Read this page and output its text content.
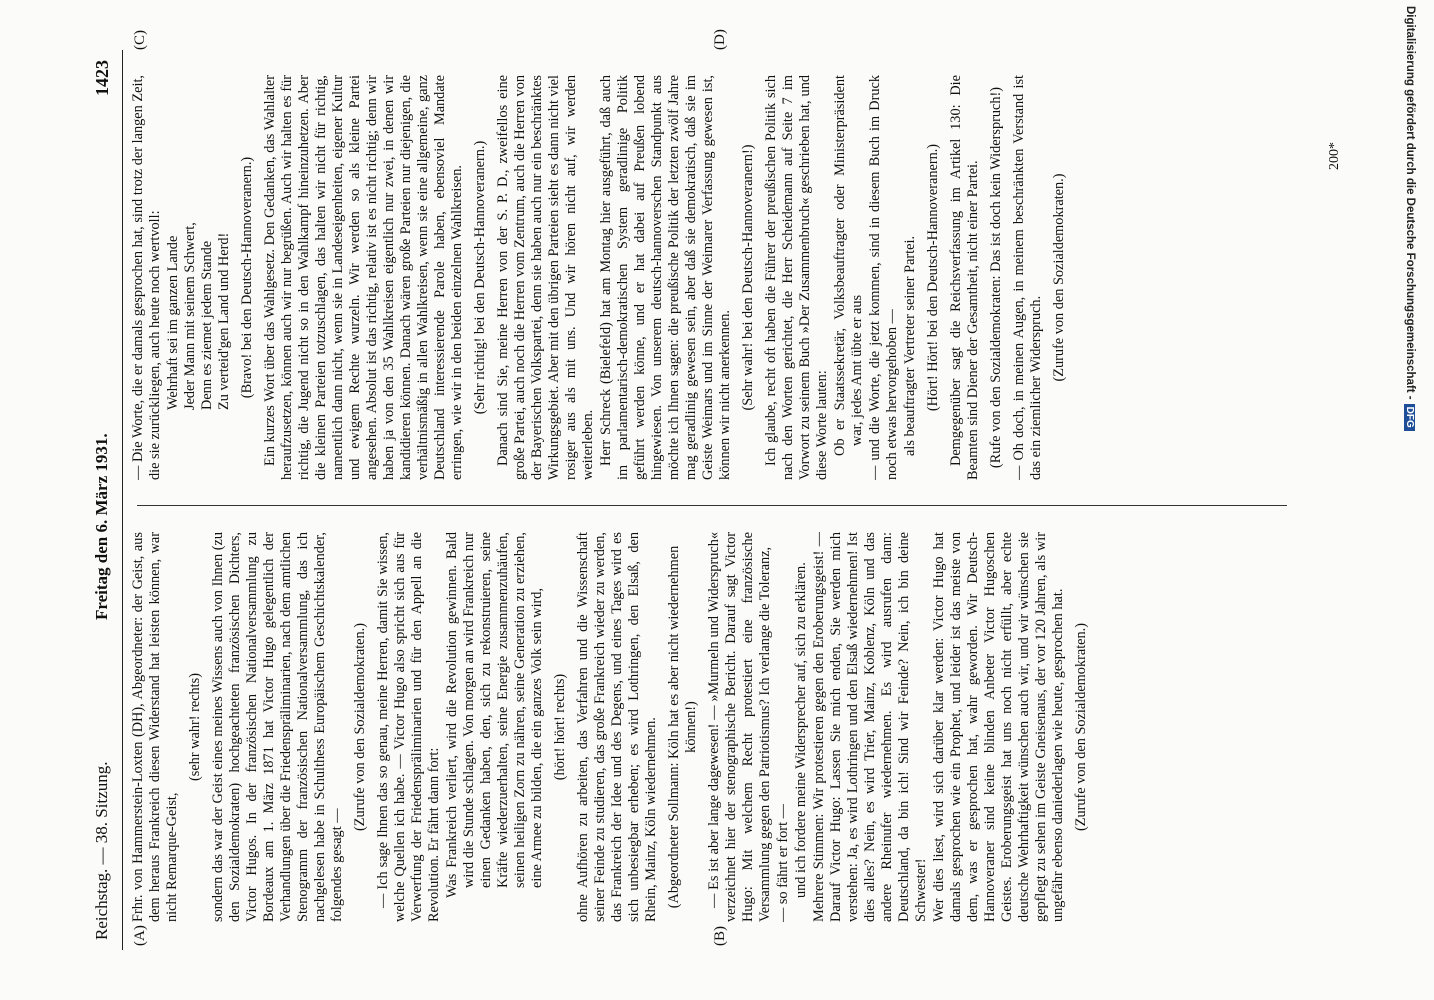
Reichstag. — 38. Sitzung.
Freitag den 6. März 1931.
1423
(A)	(B)
(C)	(D)

Frhr. von Hammerstein-Loxten (DH), Abgeordneter: der Geist, aus dem heraus Frankreich diesen Widerstand hat leisten können, war nicht Remarque-Geist,

(sehr wahr! rechts) sondern das war der Geist eines meines Wissens auch von Ihnen (zu den Sozialdemokraten) hochgeachteten französischen Dichters, Victor Hugos. In der französischen Nationalversammlung zu Bordeaux am 1. März 1871 hat Victor Hugo gelegentlich der Verhandlungen über die Friedenspräliminarien, nach dem amtlichen Stenogramm der französischen Nationalversammlung, das ich nachgelesen habe in Schulthess Europäischem Geschichtskalender, folgendes gesagt —

(Zurufe von den Sozialdemokraten.) — Ich sage Ihnen das so genau, meine Herren, damit Sie wissen, welche Quellen ich habe. — Victor Hugo also spricht sich aus für Verwerfung der Friedenspräliminarien und für den Appell an die Revolution. Er fährt dann fort: Was Frankreich verliert, wird die Revolution gewinnen. Bald wird die Stunde schlagen. Von morgen an wird Frankreich nur einen Gedanken haben, den, sich zu rekonstruieren, seine Kräfte wiederzuerhalten, seine Energie zusammenzuhäufen, seinen heiligen Zorn zu nähren, seine Generation zu erziehen, eine Armee zu bilden, die ein ganzes Volk sein wird, (hört! hört! rechts) ohne Aufhören zu arbeiten, das Verfahren und die Wissenschaft seiner Feinde zu studieren, das große Frankreich wieder zu werden, das Frankreich der Idee und des Degens, und eines Tages wird es sich unbesiegbar erheben; es wird Lothringen, den Elsaß, den Rhein, Mainz, Köln wiedernehmen. (Abgeordneter Sollmann: Köln hat es aber nicht wiedernehmen können!) — Es ist aber lange dagewesen! — »Murmeln und Widerspruch« verzeichnet hier der stenographische Bericht. Darauf sagt Victor Hugo: Mit welchem Recht protestiert eine französische Versammlung gegen den Patriotismus? Ich verlange die Toleranz, — so fährt er fort — und ich fordere meine Widersprecher auf, sich zu erklären. Mehrere Stimmen: Wir protestieren gegen den Eroberungsgeist! — Darauf Victor Hugo: Lassen Sie mich enden, Sie werden mich verstehen: Ja, es wird Lothringen und den Elsaß wiedernehmen! Ist dies alles? Nein, es wird Trier, Mainz, Koblenz, Köln und das andere Rheinufer wiedernehmen. Es wird ausrufen dann: Deutschland, da bin ich! Sind wir Feinde? Nein, ich bin deine Schwester! Wer dies liest, wird sich darüber klar werden: Victor Hugo hat damals gesprochen wie ein Prophet, und leider ist das meiste von dem, was er gesprochen hat, wahr geworden. Wir Deutsch-Hannoveraner sind keine blinden Anbeter Victor Hugoschen Geistes. Eroberungsgeist hat uns noch nicht erfüllt, aber echte deutsche Wehrhaftigkeit wünschen auch wir, und wir wünschen sie gepflegt zu sehen im Geiste Gneisenaus, der vor 120 Jahren, als wir ungefähr ebenso daniederlagen wie heute, gesprochen hat. (Zurufe von den Sozialdemokraten.)

— Die Worte, die er damals gesprochen hat, sind trotz der langen Zeit, die sie zurückliegen, auch heute noch wertvoll: Wehrhaft sei im ganzen Lande Jeder Mann mit seinem Schwert, Denn es ziemet jedem Stande Zu verteid'gen Land und Herd! (Bravo! bei den Deutsch-Hannoveranern.) Ein kurzes Wort über das Wahlgesetz. Den Gedanken, das Wahlalter heraufzusetzen, können auch wir nur begrüßen. Auch wir halten es für richtig, die Jugend nicht so in den Wahlkampf hineinzuhetzen. Aber die kleinen Parteien totzuschlagen, das halten wir nicht für richtig, namentlich dann nicht, wenn sie in Landeseigenheiten, eigener Kultur und ewigem Rechte wurzeln. Wir werden so als kleine Partei angesehen. Absolut ist das richtig, relativ ist es nicht richtig; denn wir haben ja von den 35 Wahlkreisen eigentlich nur zwei, in denen wir kandidieren können. Danach wären große Parteien nur diejenigen, die verhältnismäßig in allen Wahlkreisen, wenn sie eine allgemeine, ganz Deutschland interessierende Parole haben, ebensoviel Mandate erringen, wie wir in den beiden einzelnen Wahlkreisen. (Sehr richtig! bei den Deutsch-Hannoveranern.) Danach sind Sie, meine Herren von der S. P. D., zweifellos eine große Partei, auch noch die Herren vom Zentrum, auch die Herren von der Bayerischen Volkspartei, denn sie haben auch nur ein beschränktes Wirkungsgebiet. Aber mit den übrigen Parteien sieht es dann nicht viel rosiger aus als mit uns. Und wir hören nicht auf, wir werden weiterleben. Herr Schreck (Bielefeld) hat am Montag hier ausgeführt, daß auch im parlamentarisch-demokratischen System geradlinige Politik geführt werden könne, und er hat dabei auf Preußen lobend hingewiesen. Von unserem deutsch-hannoverschen Standpunkt aus möchte ich Ihnen sagen: die preußische Politik der letzten zwölf Jahre mag geradlinig gewesen sein, aber daß sie demokratisch, daß sie im Geiste Weimars und im Sinne der Weimarer Verfassung gewesen ist, können wir nicht anerkennen. (Sehr wahr! bei den Deutsch-Hannoveranern!) Ich glaube, recht oft haben die Führer der preußischen Politik sich nach den Worten gerichtet, die Herr Scheidemann auf Seite 7 im Vorwort zu seinem Buch »Der Zusammenbruch« geschrieben hat, und diese Worte lauten: Ob er Staatssekretär, Volksbeauftragter oder Ministerpräsident war, jedes Amt übte er aus — und die Worte, die jetzt kommen, sind in diesem Buch im Druck noch etwas hervorgehoben — als beauftragter Vertreter seiner Partei. (Hört! Hört! bei den Deutsch-Hannoveranern.) Demgegenüber sagt die Reichsverfassung im Artikel 130: Die Beamten sind Diener der Gesamtheit, nicht einer Partei. (Rufe von den Sozialdemokraten: Das ist doch kein Widerspruch!) — Oh doch, in meinen Augen, in meinem beschränkten Verstand ist das ein ziemlicher Widerspruch.

(Zurufe von den Sozialdemokraten.)

200*	Digitalisierung gefördert durch die Deutsche Forschungsgemeinschaft -DFG
